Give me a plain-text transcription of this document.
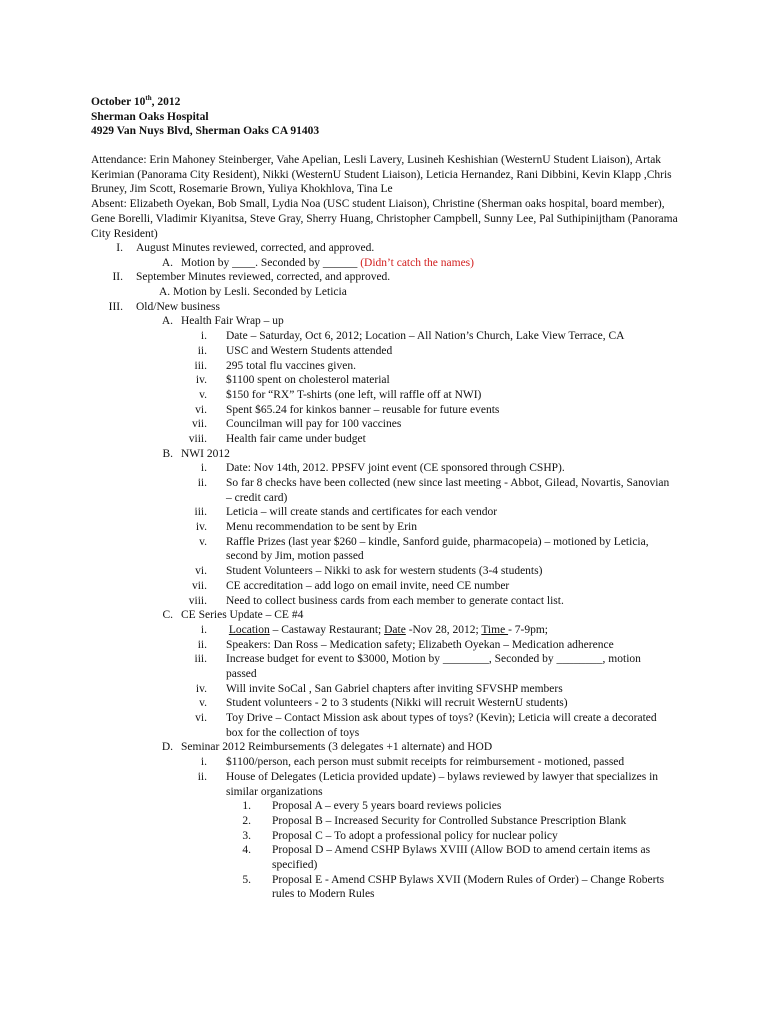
October 10th, 2012
Sherman Oaks Hospital
4929 Van Nuys Blvd, Sherman Oaks CA 91403

Attendance: Erin Mahoney Steinberger, Vahe Apelian, Lesli Lavery, Lusineh Keshishian (WesternU Student Liaison), Artak Kerimian (Panorama City Resident), Nikki (WesternU Student Liaison), Leticia Hernandez, Rani Dibbini, Kevin Klapp ,Chris Bruney, Jim Scott, Rosemarie Brown, Yuliya Khokhlova, Tina Le

Absent: Elizabeth Oyekan, Bob Small, Lydia Noa (USC student Liaison), Christine (Sherman oaks hospital, board member), Gene Borelli, Vladimir Kiyanitsa, Steve Gray, Sherry Huang, Christopher Campbell, Sunny Lee, Pal Suthipinijtham (Panorama City Resident)

I. August Minutes reviewed, corrected, and approved.
A. Motion by ____. Seconded by ______ (Didn’t catch the names)
II. September Minutes reviewed, corrected, and approved.
A. Motion by Lesli. Seconded by Leticia
III. Old/New business
A. Health Fair Wrap – up
i. Date – Saturday, Oct 6, 2012; Location – All Nation’s Church, Lake View Terrace, CA
ii. USC and Western Students attended
iii. 295 total flu vaccines given.
iv. $1100 spent on cholesterol material
v. $150 for “RX” T-shirts (one left, will raffle off at NWI)
vi. Spent $65.24 for kinkos banner – reusable for future events
vii. Councilman will pay for 100 vaccines
viii. Health fair came under budget
B. NWI 2012
i. Date: Nov 14th, 2012. PPSFV joint event (CE sponsored through CSHP).
ii. So far 8 checks have been collected (new since last meeting - Abbot, Gilead, Novartis, Sanovian – credit card)
iii. Leticia – will create stands and certificates for each vendor
iv. Menu recommendation to be sent by Erin
v. Raffle Prizes (last year $260 – kindle, Sanford guide, pharmacopeia) – motioned by Leticia, second by Jim, motion passed
vi. Student Volunteers – Nikki to ask for western students (3-4 students)
vii. CE accreditation – add logo on email invite, need CE number
viii. Need to collect business cards from each member to generate contact list.
C. CE Series Update – CE #4
i. Location – Castaway Restaurant; Date -Nov 28, 2012; Time - 7-9pm;
ii. Speakers: Dan Ross – Medication safety; Elizabeth Oyekan – Medication adherence
iii. Increase budget for event to $3000, Motion by ________, Seconded by ________, motion passed
iv. Will invite SoCal , San Gabriel chapters after inviting SFVSHP members
v. Student volunteers - 2 to 3 students (Nikki will recruit WesternU students)
vi. Toy Drive – Contact Mission ask about types of toys? (Kevin); Leticia will create a decorated box for the collection of toys
D. Seminar 2012 Reimbursements (3 delegates +1 alternate) and HOD
i. $1100/person, each person must submit receipts for reimbursement - motioned, passed
ii. House of Delegates (Leticia provided update) – bylaws reviewed by lawyer that specializes in similar organizations
1. Proposal A – every 5 years board reviews policies
2. Proposal B – Increased Security for Controlled Substance Prescription Blank
3. Proposal C – To adopt a professional policy for nuclear policy
4. Proposal D – Amend CSHP Bylaws XVIII (Allow BOD to amend certain items as specified)
5. Proposal E - Amend CSHP Bylaws XVII (Modern Rules of Order) – Change Roberts rules to Modern Rules
